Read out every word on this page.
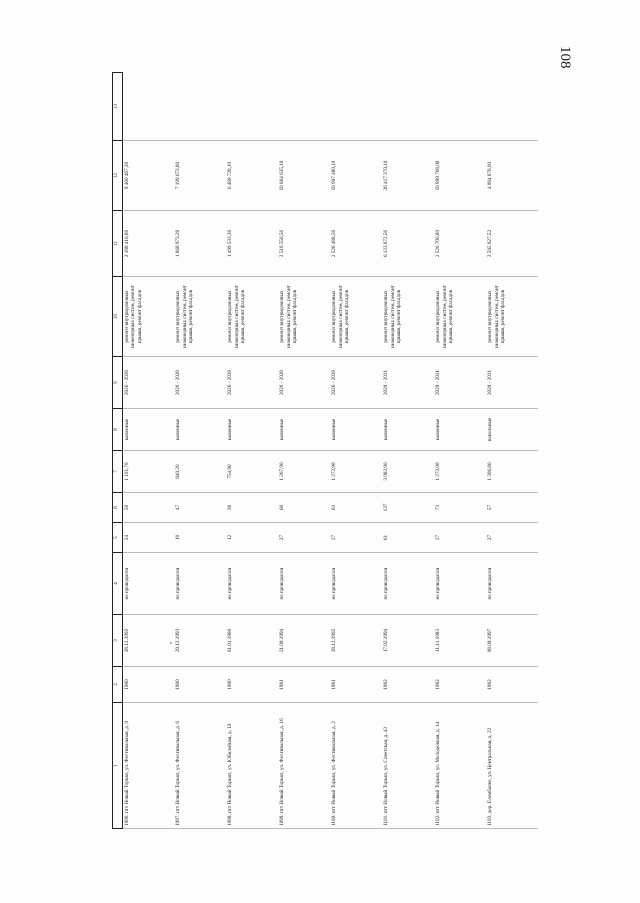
108
1	2	3	4	5	6	7	8	9	10	11	12	13
1096. пгт Новый Торъял, ул. Фестивальная, д. 9	1980	28.12.1992	не проводился	24	58	1 101,70	каменные	2026 - 2028	ремонт внутридомовых инженерных систем, ремонт крыши, ремонт фасадов	2 188 416,88	9 460 467,30	
1097. пгт Новый Торъял, ул. Фестивальная, д. 6	1980	29.12.1993	не проводился	18	47	840,20	каменные	2026 - 2028	ремонт внутридомовых инженерных систем, ремонт крыши, ремонт фасадов	1 668 973,28	7 199 673,80	
1098. пгт Новый Торъял, ул. Юбилейная, д. 10	1980	01.01.1980	не проводился	12	38	754,90	каменные	2026 - 2028	ремонт внутридомовых инженерных систем, ремонт крыши, ремонт фасадов	1 499 533,36	6 468 728,10	
1099. пгт Новый Торъял, ул. Фестивальная, д. 16	1981	21.09.1994	не проводился	27	66	1 267,90	каменные	2026 - 2028	ремонт внутридомовых инженерных систем, ремонт крыши, ремонт фасадов	2 518 556,56	10 864 635,10	
1100. пгт Новый Торъял, ул. Фестивальная, д. 2	1981	28.12.1992	не проводился	27	63	1 272,90	каменные	2026 - 2028	ремонт внутридомовых инженерных систем, ремонт крыши, ремонт фасадов	2 528 488,56	10 907 480,10	
1101. пгт Новый Торъял, ул. Советская, д. 43	1982	17.02.1994	не проводился	61	137	3 082,90	каменные	2029 - 2031	ремонт внутридомовых инженерных систем, ремонт крыши, ремонт фасадов	6 123 872,56	26 417 370,10	
1102. пгт Новый Торъял, ул. Молодежная, д. 14	1982	11.11.1993	не проводился	27	73	1 272,00	каменные	2029 - 2031	ремонт внутридомовых инженерных систем, ремонт крыши, ремонт фасадов	2 526 700,80	10 899 768,00	
1103. дер. Елембаево, ул. Центральная, д. 22	1982	08.09.1997	не проводился	27	57	1 306,80	панельные	2029 - 2031	ремонт внутридомовых инженерных систем, ремонт крыши, ремонт фасадов	2 595 827,52	4 084 878,00	
